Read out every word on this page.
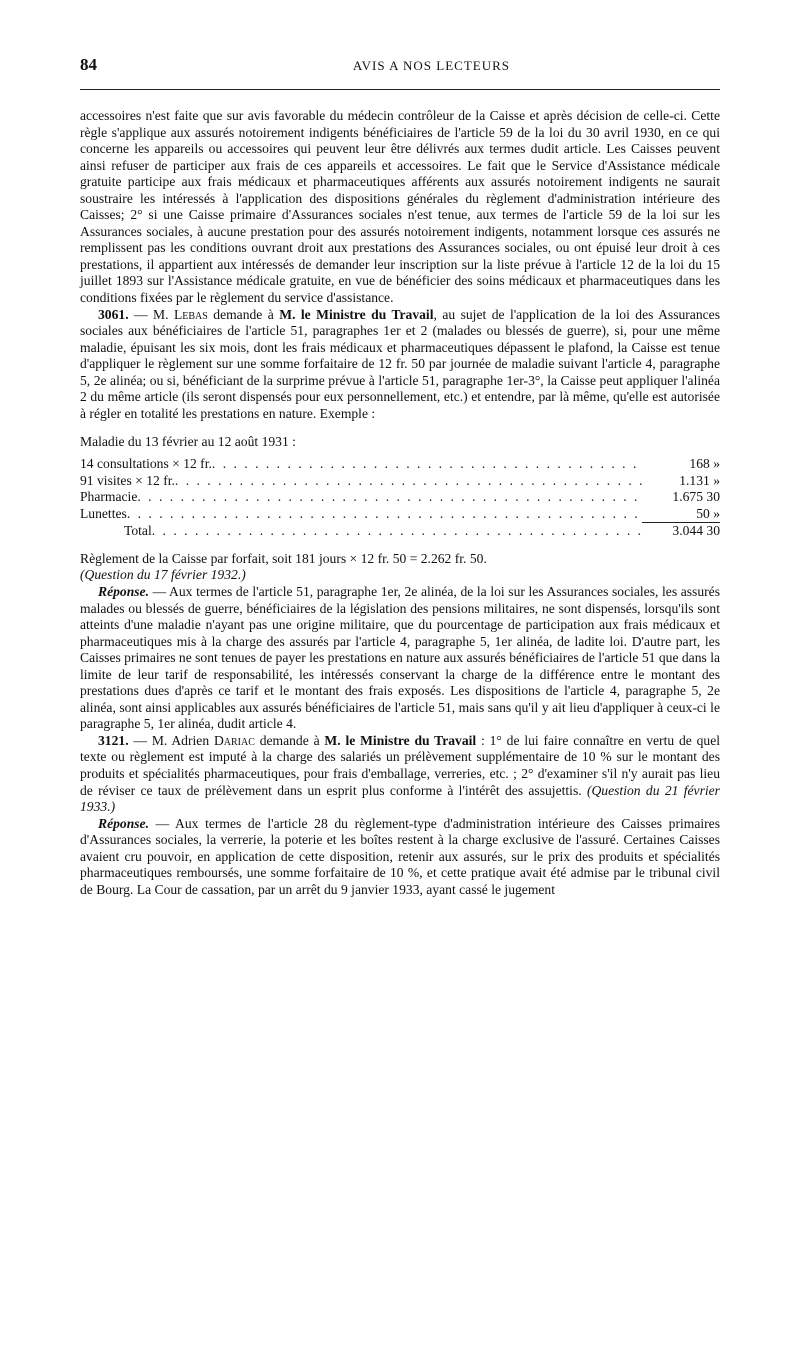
84	AVIS A NOS LECTEURS

accessoires n'est faite que sur avis favorable du médecin contrôleur de la Caisse et après décision de celle-ci. Cette règle s'applique aux assurés notoirement indigents bénéficiaires de l'article 59 de la loi du 30 avril 1930, en ce qui concerne les appareils ou accessoires qui peuvent leur être délivrés aux termes dudit article. Les Caisses peuvent ainsi refuser de participer aux frais de ces appareils et accessoires. Le fait que le Service d'Assistance médicale gratuite participe aux frais médicaux et pharmaceutiques afférents aux assurés notoirement indigents ne saurait soustraire les intéressés à l'application des dispositions générales du règlement d'administration intérieure des Caisses; 2° si une Caisse primaire d'Assurances sociales n'est tenue, aux termes de l'article 59 de la loi sur les Assurances sociales, à aucune prestation pour des assurés notoirement indigents, notamment lorsque ces assurés ne remplissent pas les conditions ouvrant droit aux prestations des Assurances sociales, ou ont épuisé leur droit à ces prestations, il appartient aux intéressés de demander leur inscription sur la liste prévue à l'article 12 de la loi du 15 juillet 1893 sur l'Assistance médicale gratuite, en vue de bénéficier des soins médicaux et pharmaceutiques dans les conditions fixées par le règlement du service d'assistance.

3061. — M. Lebas demande à M. le Ministre du Travail, au sujet de l'application de la loi des Assurances sociales aux bénéficiaires de l'article 51, paragraphes 1er et 2 (malades ou blessés de guerre), si, pour une même maladie, épuisant les six mois, dont les frais médicaux et pharmaceutiques dépassent le plafond, la Caisse est tenue d'appliquer le règlement sur une somme forfaitaire de 12 fr. 50 par journée de maladie suivant l'article 4, paragraphe 5, 2e alinéa; ou si, bénéficiant de la surprime prévue à l'article 51, paragraphe 1er-3°, la Caisse peut appliquer l'alinéa 2 du même article (ils seront dispensés pour eux personnellement, etc.) et entendre, par là même, qu'elle est autorisée à régler en totalité les prestations en nature. Exemple :

Maladie du 13 février au 12 août 1931 :
14 consultations × 12 fr. . . .	168 »
91 visites × 12 fr. . . .	1.131 »
Pharmacie . . .	1.675 30
Lunettes . . .	50 »
Total . . .	3.044 30

Règlement de la Caisse par forfait, soit 181 jours × 12 fr. 50 = 2.262 fr. 50.

(Question du 17 février 1932.)

Réponse. — Aux termes de l'article 51, paragraphe 1er, 2e alinéa, de la loi sur les Assurances sociales, les assurés malades ou blessés de guerre, bénéficiaires de la législation des pensions militaires, ne sont dispensés, lorsqu'ils sont atteints d'une maladie n'ayant pas une origine militaire, que du pourcentage de participation aux frais médicaux et pharmaceutiques mis à la charge des assurés par l'article 4, paragraphe 5, 1er alinéa, de ladite loi. D'autre part, les Caisses primaires ne sont tenues de payer les prestations en nature aux assurés bénéficiaires de l'article 51 que dans la limite de leur tarif de responsabilité, les intéressés conservant la charge de la différence entre le montant des prestations dues d'après ce tarif et le montant des frais exposés. Les dispositions de l'article 4, paragraphe 5, 2e alinéa, sont ainsi applicables aux assurés bénéficiaires de l'article 51, mais sans qu'il y ait lieu d'appliquer à ceux-ci le paragraphe 5, 1er alinéa, dudit article 4.

3121. — M. Adrien Dariac demande à M. le Ministre du Travail : 1° de lui faire connaître en vertu de quel texte ou règlement est imputé à la charge des salariés un prélèvement supplémentaire de 10 % sur le montant des produits et spécialités pharmaceutiques, pour frais d'emballage, verreries, etc. ; 2° d'examiner s'il n'y aurait pas lieu de réviser ce taux de prélèvement dans un esprit plus conforme à l'intérêt des assujettis. (Question du 21 février 1933.)

Réponse. — Aux termes de l'article 28 du règlement-type d'administration intérieure des Caisses primaires d'Assurances sociales, la verrerie, la poterie et les boîtes restent à la charge exclusive de l'assuré. Certaines Caisses avaient cru pouvoir, en application de cette disposition, retenir aux assurés, sur le prix des produits et spécialités pharmaceutiques remboursés, une somme forfaitaire de 10 %, et cette pratique avait été admise par le tribunal civil de Bourg. La Cour de cassation, par un arrêt du 9 janvier 1933, ayant cassé le jugement
